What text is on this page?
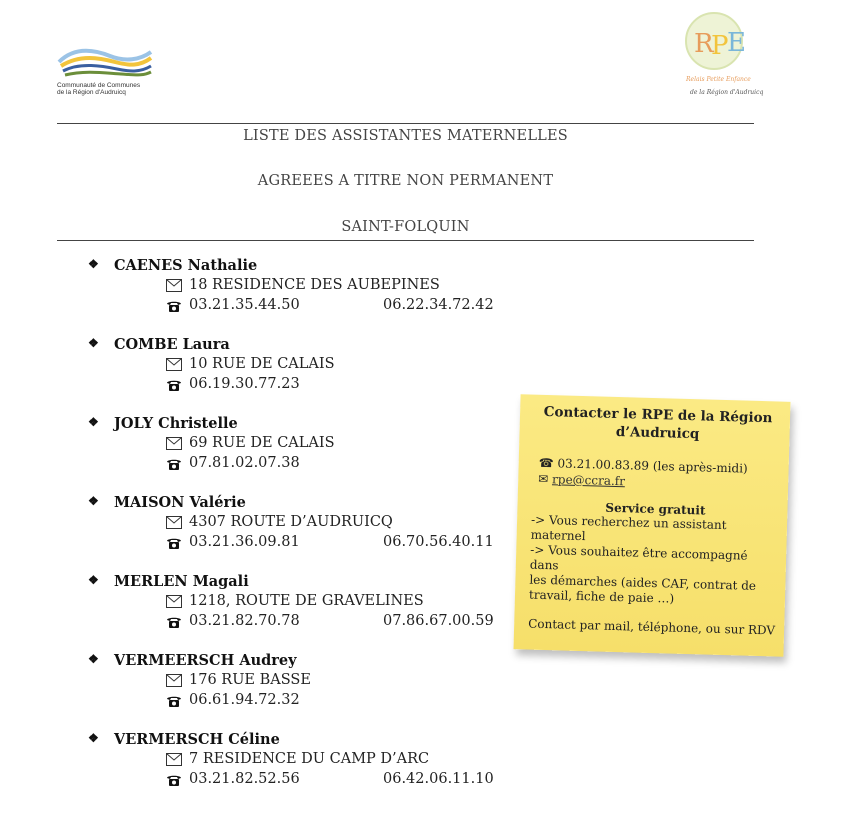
Communauté de Communes
de la Région d'Audruicq
R
P
E
Relais Petite Enfance
de la Région d'Audruicq
LISTE DES ASSISTANTES MATERNELLES
AGREEES A TITRE NON PERMANENT
SAINT-FOLQUIN
❖	CAENES Nathalie
18 RESIDENCE DES AUBEPINES
03.21.35.44.50	06.22.34.72.42
❖	COMBE Laura
10 RUE DE CALAIS
06.19.30.77.23
❖	JOLY Christelle
69 RUE DE CALAIS
07.81.02.07.38
❖	MAISON Valérie
4307 ROUTE D’AUDRUICQ
03.21.36.09.81	06.70.56.40.11
❖	MERLEN Magali
1218, ROUTE DE GRAVELINES
03.21.82.70.78	07.86.67.00.59
❖	VERMEERSCH Audrey
176 RUE BASSE
06.61.94.72.32
❖	VERMERSCH Céline
7 RESIDENCE DU CAMP D’ARC
03.21.82.52.56	06.42.06.11.10
Contacter le RPE de la Région
d’Audruicq
☎ 03.21.00.83.89 (les après-midi)
✉ rpe@ccra.fr
Service gratuit
-> Vous recherchez un assistant maternel
-> Vous souhaitez être accompagné dans
les démarches (aides CAF, contrat de
travail, fiche de paie …)
Contact par mail, téléphone, ou sur RDV
